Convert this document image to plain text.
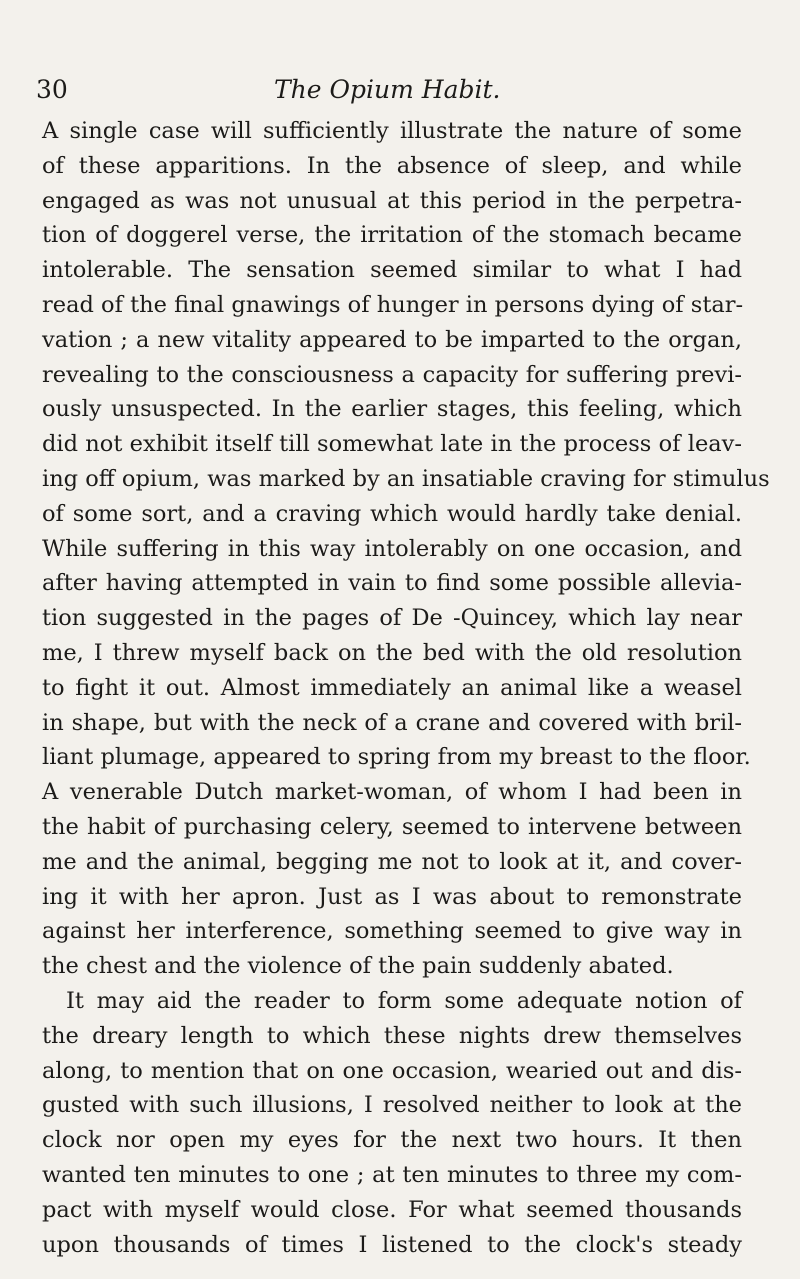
30	The Opium Habit.
A single case will sufficiently illustrate the nature of some
of these apparitions. In the absence of sleep, and while
engaged as was not unusual at this period in the perpetra-
tion of doggerel verse, the irritation of the stomach became
intolerable. The sensation seemed similar to what I had
read of the final gnawings of hunger in persons dying of star-
vation ; a new vitality appeared to be imparted to the organ,
revealing to the consciousness a capacity for suffering previ-
ously unsuspected. In the earlier stages, this feeling, which
did not exhibit itself till somewhat late in the process of leav-
ing off opium, was marked by an insatiable craving for stimulus
of some sort, and a craving which would hardly take denial.
While suffering in this way intolerably on one occasion, and
after having attempted in vain to find some possible allevia-
tion suggested in the pages of De -Quincey, which lay near
me, I threw myself back on the bed with the old resolution
to fight it out. Almost immediately an animal like a weasel
in shape, but with the neck of a crane and covered with bril-
liant plumage, appeared to spring from my breast to the floor.
A venerable Dutch market-woman, of whom I had been in
the habit of purchasing celery, seemed to intervene between
me and the animal, begging me not to look at it, and cover-
ing it with her apron. Just as I was about to remonstrate
against her interference, something seemed to give way in
the chest and the violence of the pain suddenly abated.
It may aid the reader to form some adequate notion of
the dreary length to which these nights drew themselves
along, to mention that on one occasion, wearied out and dis-
gusted with such illusions, I resolved neither to look at the
clock nor open my eyes for the next two hours. It then
wanted ten minutes to one ; at ten minutes to three my com-
pact with myself would close. For what seemed thousands
upon thousands of times I listened to the clock's steady
